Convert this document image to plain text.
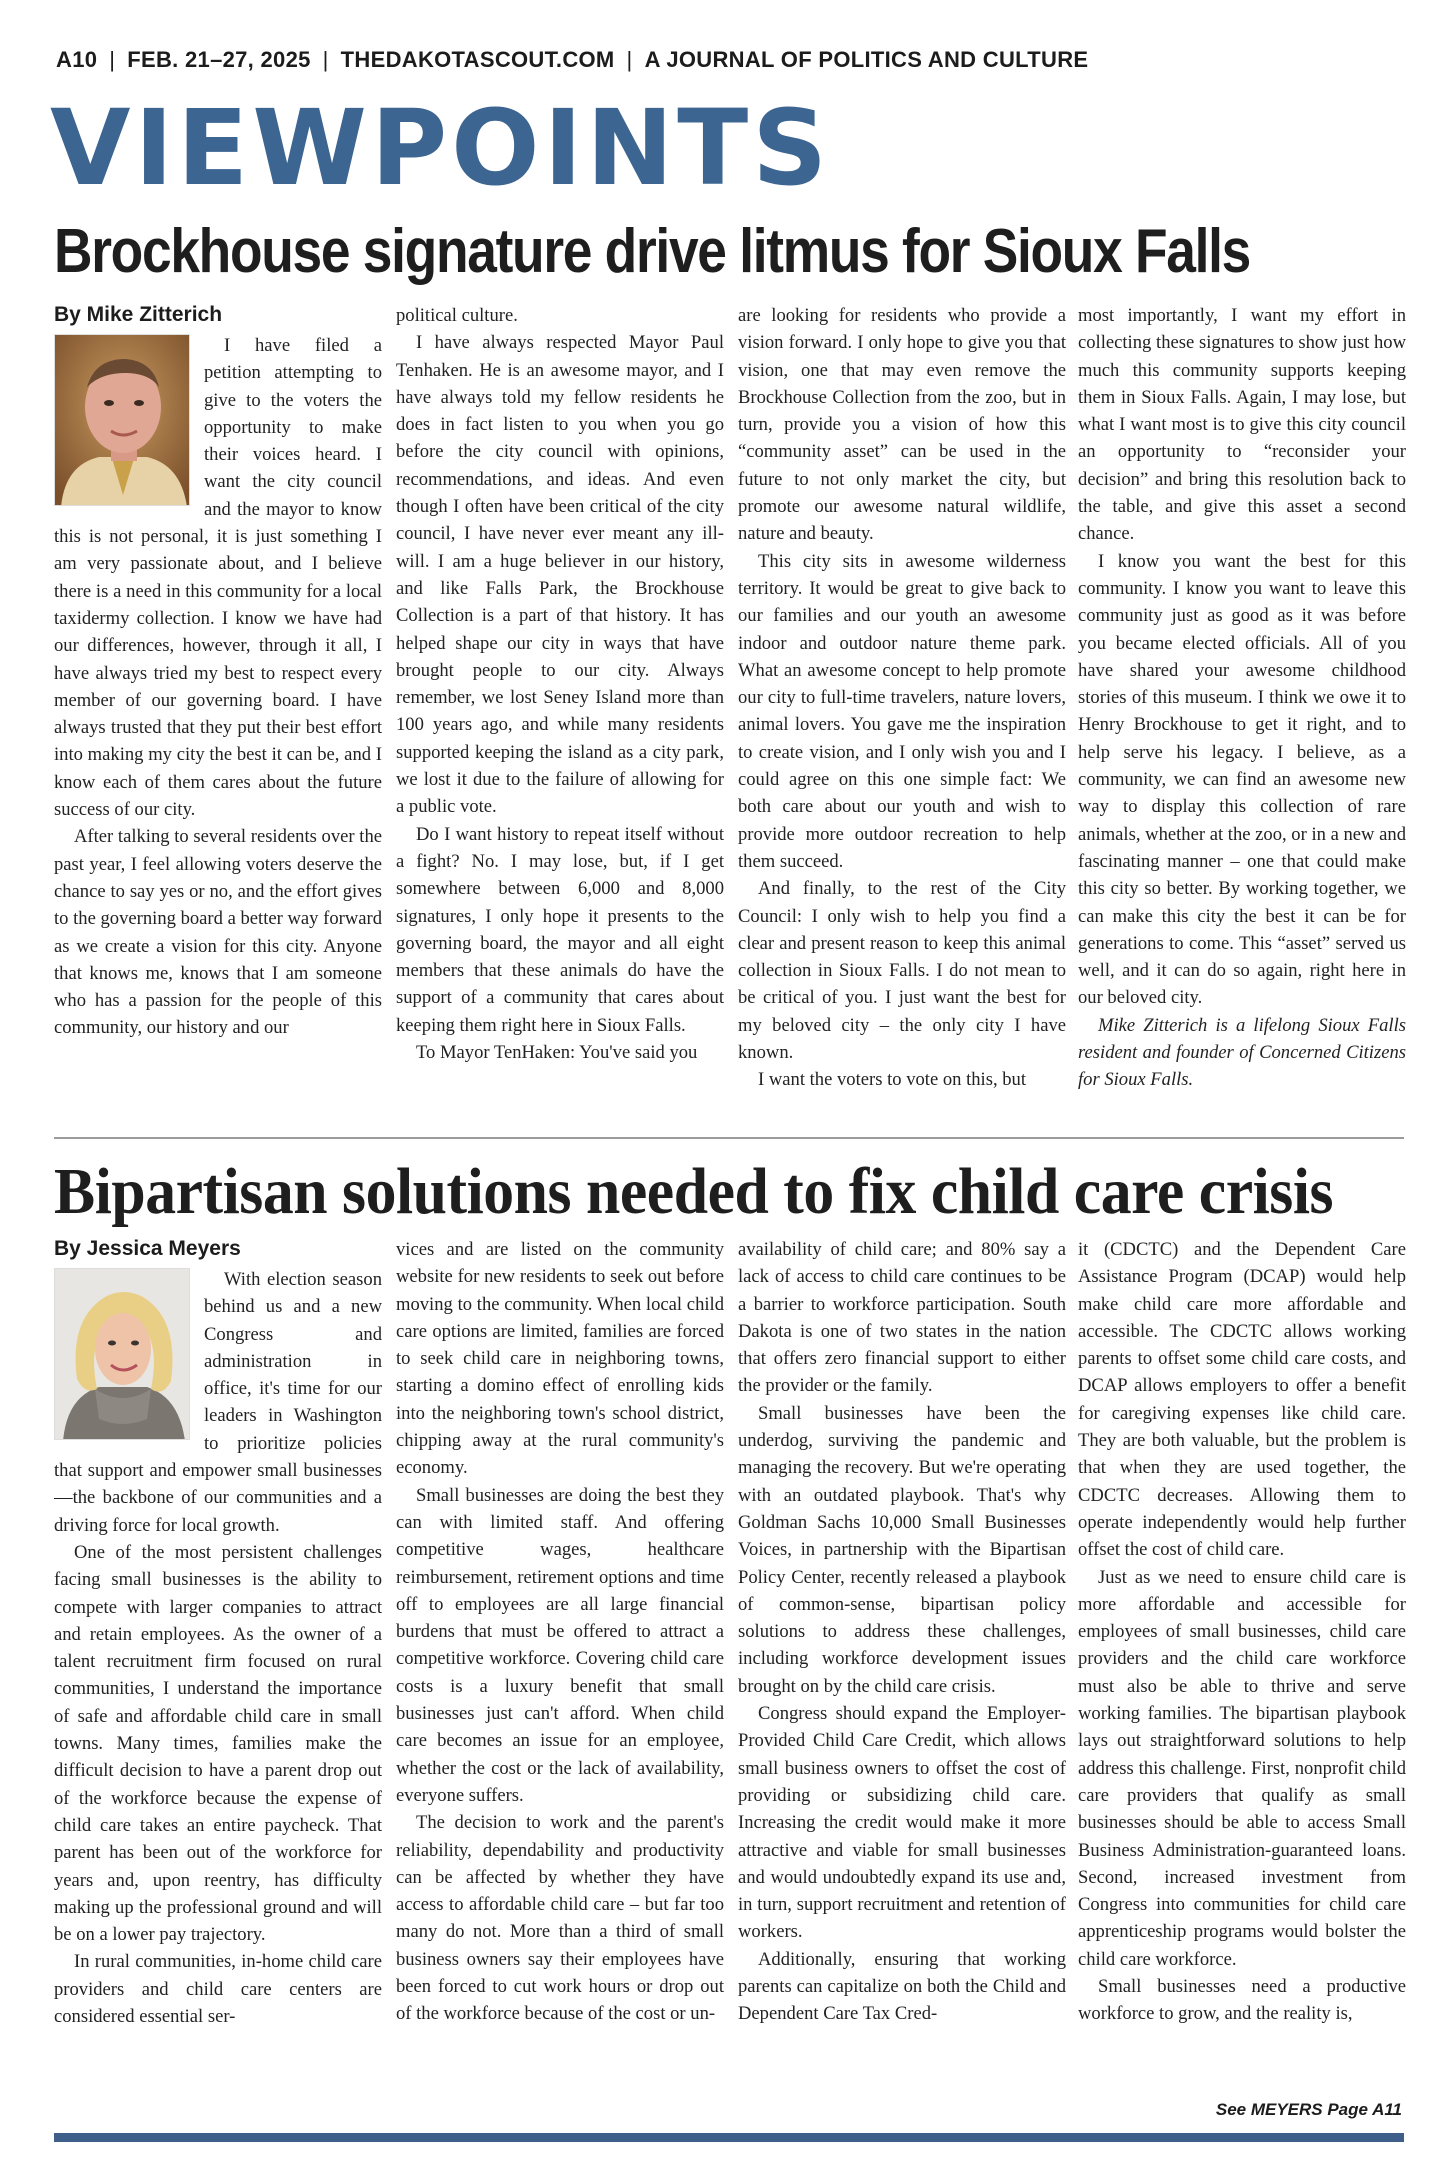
A10 | FEB. 21–27, 2025 | THEDAKOTASCOUT.COM | A JOURNAL OF POLITICS AND CULTURE
VIEWPOINTS
Brockhouse signature drive litmus for Sioux Falls
By Mike Zitterich

I have filed a petition attempting to give to the voters the opportunity to make their voices heard. I want the city council and the mayor to know this is not personal, it is just something I am very passionate about, and I believe there is a need in this community for a local taxidermy collection. I know we have had our differences, however, through it all, I have always tried my best to respect every member of our governing board. I have always trusted that they put their best effort into making my city the best it can be, and I know each of them cares about the future success of our city.

After talking to several residents over the past year, I feel allowing voters deserve the chance to say yes or no, and the effort gives to the governing board a better way forward as we create a vision for this city. Anyone that knows me, knows that I am someone who has a passion for the people of this community, our history and our

political culture.

I have always respected Mayor Paul Tenhaken. He is an awesome mayor, and I have always told my fellow residents he does in fact listen to you when you go before the city council with opinions, recommendations, and ideas. And even though I often have been critical of the city council, I have never ever meant any ill-will. I am a huge believer in our history, and like Falls Park, the Brockhouse Collection is a part of that history. It has helped shape our city in ways that have brought people to our city. Always remember, we lost Seney Island more than 100 years ago, and while many residents supported keeping the island as a city park, we lost it due to the failure of allowing for a public vote.

Do I want history to repeat itself without a fight? No. I may lose, but, if I get somewhere between 6,000 and 8,000 signatures, I only hope it presents to the governing board, the mayor and all eight members that these animals do have the support of a community that cares about keeping them right here in Sioux Falls.

To Mayor TenHaken: You've said you

are looking for residents who provide a vision forward. I only hope to give you that vision, one that may even remove the Brockhouse Collection from the zoo, but in turn, provide you a vision of how this “community asset” can be used in the future to not only market the city, but promote our awesome natural wildlife, nature and beauty.

This city sits in awesome wilderness territory. It would be great to give back to our families and our youth an awesome indoor and outdoor nature theme park. What an awesome concept to help promote our city to full-time travelers, nature lovers, animal lovers. You gave me the inspiration to create vision, and I only wish you and I could agree on this one simple fact: We both care about our youth and wish to provide more outdoor recreation to help them succeed.

And finally, to the rest of the City Council: I only wish to help you find a clear and present reason to keep this animal collection in Sioux Falls. I do not mean to be critical of you. I just want the best for my beloved city – the only city I have known.

I want the voters to vote on this, but

most importantly, I want my effort in collecting these signatures to show just how much this community supports keeping them in Sioux Falls. Again, I may lose, but what I want most is to give this city council an opportunity to “reconsider your decision” and bring this resolution back to the table, and give this asset a second chance.

I know you want the best for this community. I know you want to leave this community just as good as it was before you became elected officials. All of you have shared your awesome childhood stories of this museum. I think we owe it to Henry Brockhouse to get it right, and to help serve his legacy. I believe, as a community, we can find an awesome new way to display this collection of rare animals, whether at the zoo, or in a new and fascinating manner – one that could make this city so better. By working together, we can make this city the best it can be for generations to come. This “asset” served us well, and it can do so again, right here in our beloved city.

Mike Zitterich is a lifelong Sioux Falls resident and founder of Concerned Citizens for Sioux Falls.

Bipartisan solutions needed to fix child care crisis
By Jessica Meyers

With election season behind us and a new Congress and administration in office, it's time for our leaders in Washington to prioritize policies that support and empower small businesses—the backbone of our communities and a driving force for local growth.

One of the most persistent challenges facing small businesses is the ability to compete with larger companies to attract and retain employees. As the owner of a talent recruitment firm focused on rural communities, I understand the importance of safe and affordable child care in small towns. Many times, families make the difficult decision to have a parent drop out of the workforce because the expense of child care takes an entire paycheck. That parent has been out of the workforce for years and, upon reentry, has difficulty making up the professional ground and will be on a lower pay trajectory.

In rural communities, in-home child care providers and child care centers are considered essential ser-

vices and are listed on the community website for new residents to seek out before moving to the community. When local child care options are limited, families are forced to seek child care in neighboring towns, starting a domino effect of enrolling kids into the neighboring town's school district, chipping away at the rural community's economy.

Small businesses are doing the best they can with limited staff. And offering competitive wages, healthcare reimbursement, retirement options and time off to employees are all large financial burdens that must be offered to attract a competitive workforce. Covering child care costs is a luxury benefit that small businesses just can't afford. When child care becomes an issue for an employee, whether the cost or the lack of availability, everyone suffers.

The decision to work and the parent's reliability, dependability and productivity can be affected by whether they have access to affordable child care – but far too many do not. More than a third of small business owners say their employees have been forced to cut work hours or drop out of the workforce because of the cost or un-

availability of child care; and 80% say a lack of access to child care continues to be a barrier to workforce participation. South Dakota is one of two states in the nation that offers zero financial support to either the provider or the family.

Small businesses have been the underdog, surviving the pandemic and managing the recovery. But we're operating with an outdated playbook. That's why Goldman Sachs 10,000 Small Businesses Voices, in partnership with the Bipartisan Policy Center, recently released a playbook of common-sense, bipartisan policy solutions to address these challenges, including workforce development issues brought on by the child care crisis.

Congress should expand the Employer-Provided Child Care Credit, which allows small business owners to offset the cost of providing or subsidizing child care. Increasing the credit would make it more attractive and viable for small businesses and would undoubtedly expand its use and, in turn, support recruitment and retention of workers.

Additionally, ensuring that working parents can capitalize on both the Child and Dependent Care Tax Cred-

it (CDCTC) and the Dependent Care Assistance Program (DCAP) would help make child care more affordable and accessible. The CDCTC allows working parents to offset some child care costs, and DCAP allows employers to offer a benefit for caregiving expenses like child care. They are both valuable, but the problem is that when they are used together, the CDCTC decreases. Allowing them to operate independently would help further offset the cost of child care.

Just as we need to ensure child care is more affordable and accessible for employees of small businesses, child care providers and the child care workforce must also be able to thrive and serve working families. The bipartisan playbook lays out straightforward solutions to help address this challenge. First, nonprofit child care providers that qualify as small businesses should be able to access Small Business Administration-guaranteed loans. Second, increased investment from Congress into communities for child care apprenticeship programs would bolster the child care workforce.

Small businesses need a productive workforce to grow, and the reality is,

See MEYERS Page A11
